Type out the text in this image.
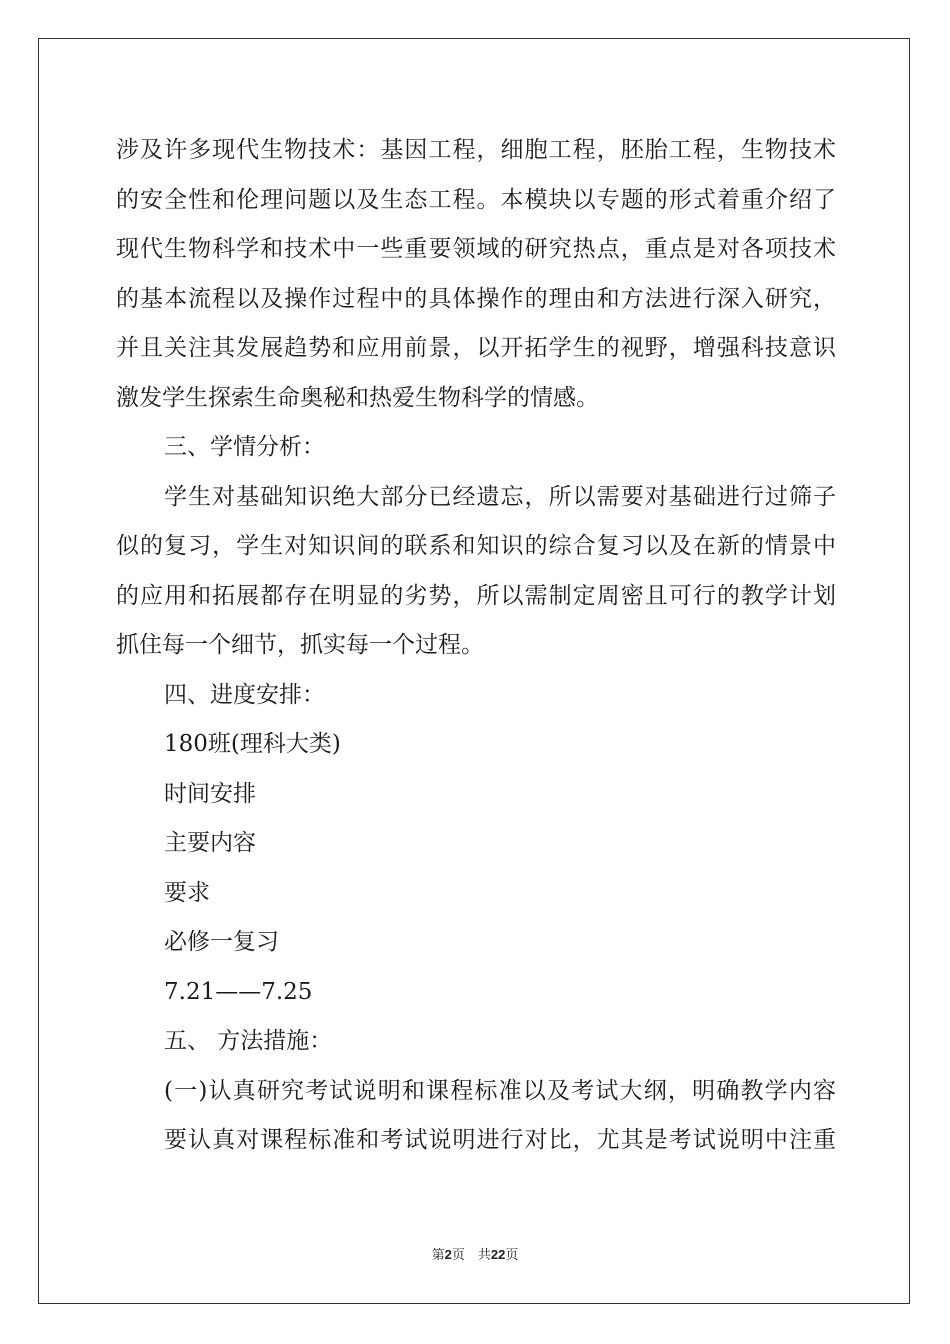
涉及许多现代生物技术：基因工程，细胞工程，胚胎工程，生物技术
的安全性和伦理问题以及生态工程。本模块以专题的形式着重介绍了
现代生物科学和技术中一些重要领域的研究热点，重点是对各项技术
的基本流程以及操作过程中的具体操作的理由和方法进行深入研究，
并且关注其发展趋势和应用前景，以开拓学生的视野，增强科技意识
激发学生探索生命奥秘和热爱生物科学的情感。
三、学情分析：
学生对基础知识绝大部分已经遗忘，所以需要对基础进行过筛子
似的复习，学生对知识间的联系和知识的综合复习以及在新的情景中
的应用和拓展都存在明显的劣势，所以需制定周密且可行的教学计划
抓住每一个细节，抓实每一个过程。
四、进度安排：
180班(理科大类)
时间安排
主要内容
要求
必修一复习
7.21——7.25
五、 方法措施：
(一)认真研究考试说明和课程标准以及考试大纲，明确教学内容
要认真对课程标准和考试说明进行对比，尤其是考试说明中注重
第2页　共22页
